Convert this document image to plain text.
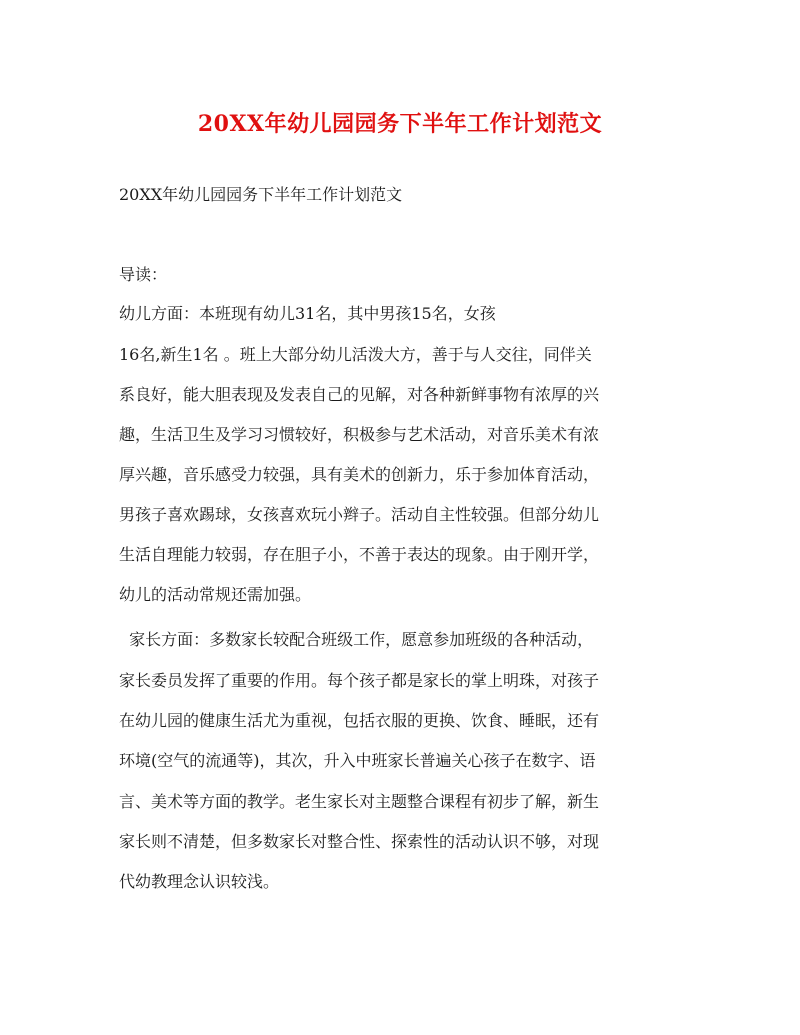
20XX年幼儿园园务下半年工作计划范文
20XX年幼儿园园务下半年工作计划范文
导读：
幼儿方面：本班现有幼儿31名，其中男孩15名，女孩
16名,新生1名 。班上大部分幼儿活泼大方，善于与人交往，同伴关
系良好，能大胆表现及发表自己的见解，对各种新鲜事物有浓厚的兴
趣，生活卫生及学习习惯较好，积极参与艺术活动，对音乐美术有浓
厚兴趣，音乐感受力较强，具有美术的创新力，乐于参加体育活动，
男孩子喜欢踢球，女孩喜欢玩小辫子。活动自主性较强。但部分幼儿
生活自理能力较弱，存在胆子小，不善于表达的现象。由于刚开学，
幼儿的活动常规还需加强。
家长方面：多数家长较配合班级工作，愿意参加班级的各种活动，
家长委员发挥了重要的作用。每个孩子都是家长的掌上明珠，对孩子
在幼儿园的健康生活尤为重视，包括衣服的更换、饮食、睡眠，还有
环境(空气的流通等)，其次，升入中班家长普遍关心孩子在数字、语
言、美术等方面的教学。老生家长对主题整合课程有初步了解，新生
家长则不清楚，但多数家长对整合性、探索性的活动认识不够，对现
代幼教理念认识较浅。
